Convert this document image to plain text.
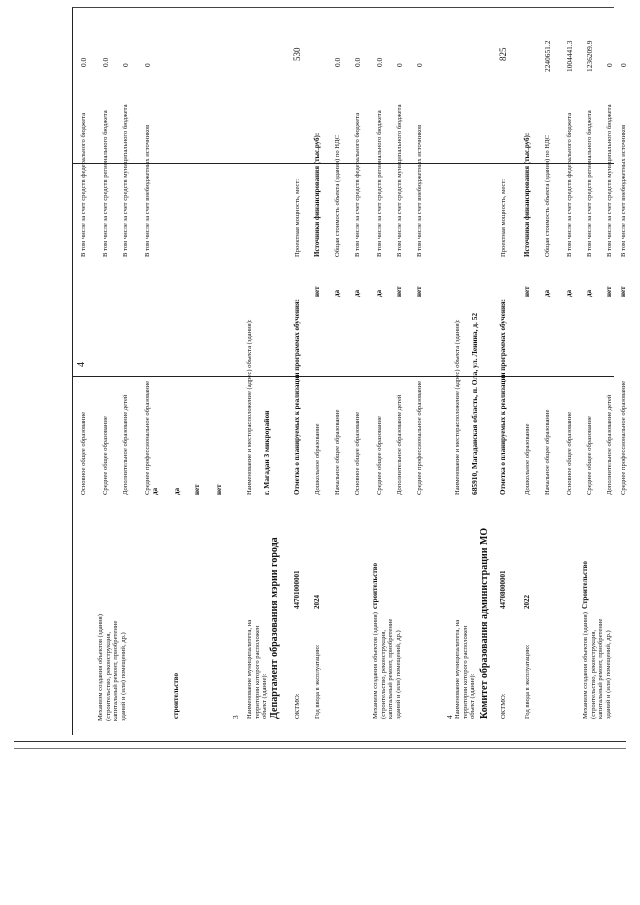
4
Механизм создания объектов (здания) (строительство, реконструкция, капитальный ремонт, приобретение зданий и (или) помещений, др.)	строительство
Основное общее образование	да
Среднее общее образование	да
Дополнительное образование детей	нет
Среднее профессиональное образование	нет
В том числе за счет средств федерального бюджета
0.0
В том числе за счет средств регионального бюджета
0.0
В том числе за счет средств муниципального бюджета
0
В том числе за счет внебюджетных источников
0
3 Наименование муниципалитета, на территории которого расположен объект (здание): Департамент образования мэрии города ОКТМО:
44701000001
Год ввода в эксплуатацию:
2024
Механизм создания объектов (здания) (строительство, реконструкция, капитальный ремонт, приобретение зданий и (или) помещений, др.)
строительство
Наименование и месторасположение (адрес) объекта (здания): г. Магадан 3 микрорайон	Отметка о планируемых к реализации программах обучения: Дошкольное образование
нет
Начальное общее образование
да
Основное общее образование
да
Среднее общее образование
да
Дополнительное образование детей
нет
Среднее профессиональное образование
нет
Проектная мощность, мест:
530
Источники финансирования (тыс.руб): Общая стоимость объекта (здания) по НДС
0.0
В том числе за счет средств федерального бюджета
0.0
В том числе за счет средств регионального бюджета
0.0
В том числе за счет средств муниципального бюджета
0
В том числе за счет внебюджетных источников
0
4 Наименование муниципалитета, на территории которого расположен объект (здание): Комитет образования администрации МО ОКТМО:
44708000001
Год ввода в эксплуатацию:
2022
Механизм создания объектов (здания) (строительство, реконструкция, капитальный ремонт, приобретение зданий и (или) помещений, др.)
Строительство
Наименование и месторасположение (адрес) объекта (здания): 685910, Магаданская область, п. Ола, ул. Ленина, д. 52	Отметка о планируемых к реализации программах обучения:	Дошкольное образование
нет
Начальное общее образование
да
Основное общее образование
да
Среднее общее образование
да
Дополнительное образование детей
нет
Среднее профессиональное образование
нет
Проектная мощность, мест:
825
Источники финансирования (тыс.руб): Общая стоимость объекта (здания) по НДС
2240651.2
В том числе за счет средств федерального бюджета
1004441.3
В том числе за счет средств регионального бюджета
1236209.9
В том числе за счет средств муниципального бюджета
0
В том числе за счет внебюджетных источников
0
